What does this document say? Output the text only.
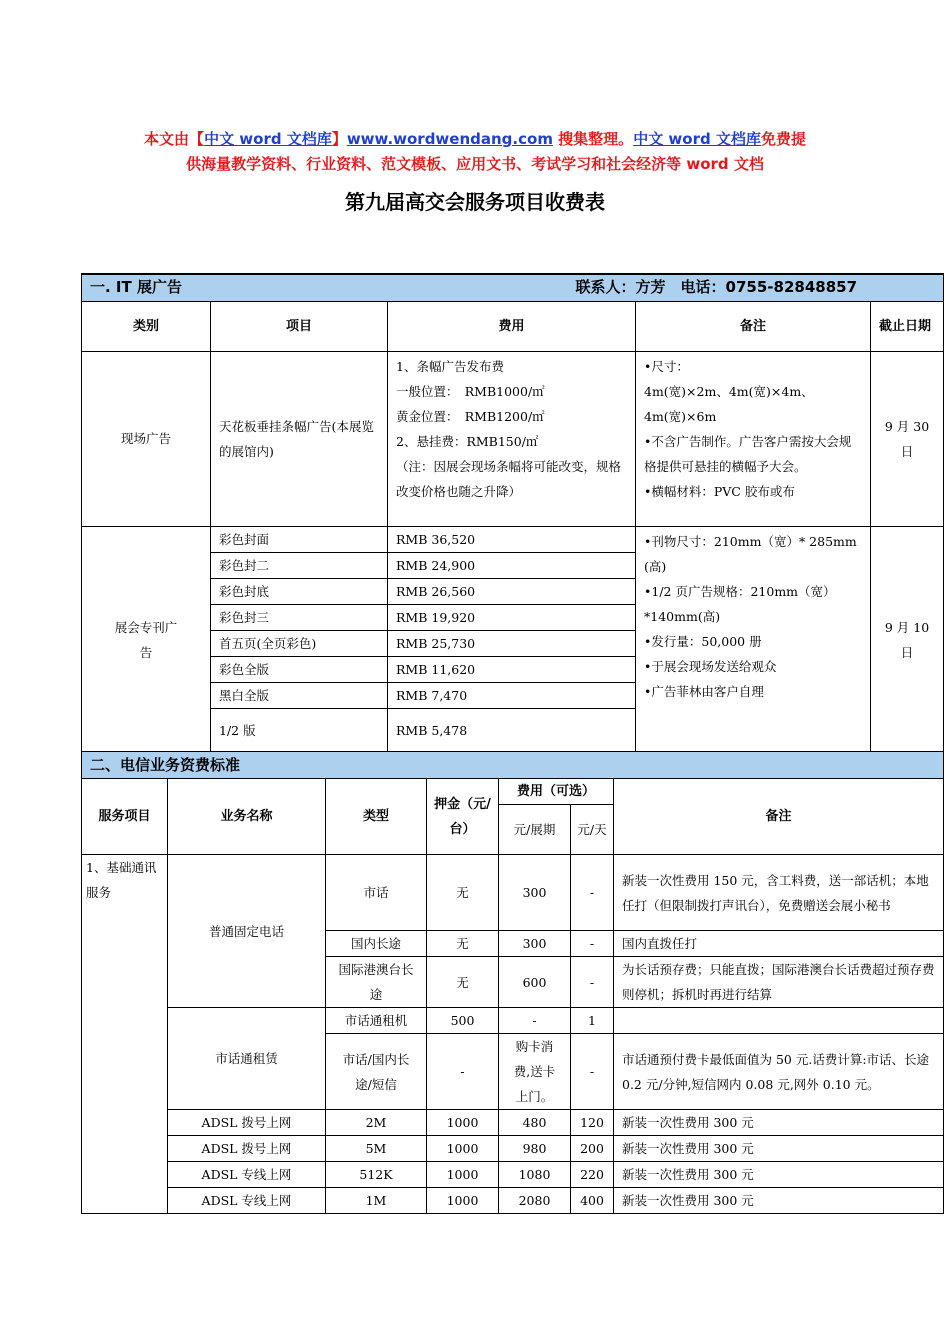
本文由【中文 word 文档库】www.wordwendang.com 搜集整理。中文 word 文档库免费提
供海量教学资料、行业资料、范文模板、应用文书、考试学习和社会经济等 word 文档
第九届高交会服务项目收费表
一. IT 展广告 联系人：方芳　电话：0755-82848857				

类别	项目	费用	备注	截止日期
现场广告	天花板垂挂条幅广告(本展览的展馆内)	1、条幅广告发布费
一般位置：　RMB1000/㎡
黄金位置：　RMB1200/㎡
2、悬挂费：RMB150/㎡
（注：因展会现场条幅将可能改变，规格改变价格也随之升降）	•尺寸：
4m(宽)×2m、4m(宽)×4m、4m(宽)×6m
•不含广告制作。广告客户需按大会规格提供可悬挂的横幅予大会。
•横幅材料：PVC 胶布或布	9 月 30 日
展会专刊广告	彩色封面	RMB 36,520	•刊物尺寸：210mm（宽）* 285mm (高)
•1/2 页广告规格：210mm（宽）*140mm(高)
•发行量：50,000 册
•于展会现场发送给观众
•广告菲林由客户自理	9 月 10 日
	彩色封二	RMB 24,900		
	彩色封底	RMB 26,560		
	彩色封三	RMB 19,920		
	首五页(全页彩色)	RMB 25,730		
	彩色全版	RMB 11,620		
	黑白全版	RMB 7,470		
	1/2 版	RMB 5,478		
二、电信业务资费标准						
服务项目	业务名称	类型	押金（元/台）	费用（可选）		备注
				元/展期	元/天	
1、基础通讯服务	普通固定电话	市话	无	300	-	新装一次性费用 150 元，含工料费，送一部话机；本地任打（但限制拨打声讯台），免费赠送会展小秘书
		国内长途	无	300	-	国内直拨任打
		国际港澳台长途	无	600	-	为长话预存费；只能直拨；国际港澳台长话费超过预存费则停机；拆机时再进行结算
	市话通租赁	市话通租机	500	-	1	
		市话/国内长途/短信	-	购卡消费,送卡上门。	-	市话通预付费卡最低面值为 50 元.话费计算:市话、长途 0.2 元/分钟,短信网内 0.08 元,网外 0.10 元。
	ADSL 拨号上网	2M	1000	480	120	新装一次性费用 300 元
	ADSL 拨号上网	5M	1000	980	200	新装一次性费用 300 元
	ADSL 专线上网	512K	1000	1080	220	新装一次性费用 300 元
	ADSL 专线上网	1M	1000	2080	400	新装一次性费用 300 元
